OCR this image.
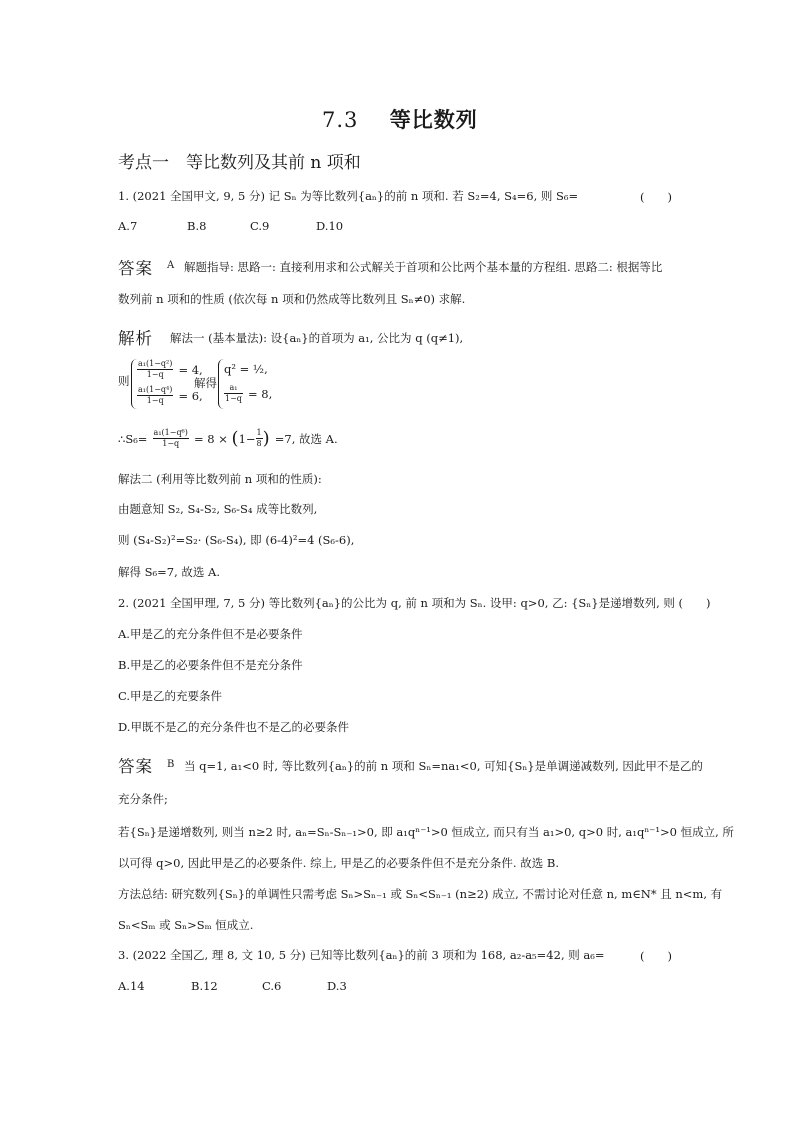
7.3 等比数列
考点一　等比数列及其前 n 项和
1. (2021 全国甲文, 9, 5 分) 记 Sₙ 为等比数列{aₙ}的前 n 项和. 若 S₂=4, S₄=6, 则 S₆=	(　　)
A.7	B.8	C.9	D.10
答案 A 解题指导: 思路一: 直接利用求和公式解关于首项和公比两个基本量的方程组. 思路二: 根据等比
数列前 n 项和的性质 (依次每 n 项和仍然成等比数列且 Sₙ≠0) 求解.
解析 解法一 (基本量法): 设{aₙ}的首项为 a₁, 公比为 q (q≠1),
则
$\frac{\text{a₁(1−q²)}}{1-q} = 4$,
$\frac{\text{a₁(1−q⁴)}}{1-q} = 6$,
解得
q² = ½,
$\frac{\text{a₁}}{1-q} = 8$,
∴S₆= $\frac{\text{a₁(1−q⁶)}}{1-q} = 8 \times (1- \frac{1}{8}$ ) =7, 故选 A.
解法二 (利用等比数列前 n 项和的性质):
由题意知 S₂, S₄-S₂, S₆-S₄ 成等比数列,
则 (S₄-S₂)²=S₂· (S₆-S₄), 即 (6-4)²=4 (S₆-6),
解得 S₆=7, 故选 A.
2. (2021 全国甲理, 7, 5 分) 等比数列{aₙ}的公比为 q, 前 n 项和为 Sₙ. 设甲: q>0, 乙: {Sₙ}是递增数列, 则 (　　)
A.甲是乙的充分条件但不是必要条件
B.甲是乙的必要条件但不是充分条件
C.甲是乙的充要条件
D.甲既不是乙的充分条件也不是乙的必要条件
答案 B 当 q=1, a₁<0 时, 等比数列{aₙ}的前 n 项和 Sₙ=na₁<0, 可知{Sₙ}是单调递减数列, 因此甲不是乙的
充分条件;
若{Sₙ}是递增数列, 则当 n≥2 时, aₙ=Sₙ-Sₙ₋₁>0, 即 a₁qⁿ⁻¹>0 恒成立, 而只有当 a₁>0, q>0 时, a₁qⁿ⁻¹>0 恒成立, 所
以可得 q>0, 因此甲是乙的必要条件. 综上, 甲是乙的必要条件但不是充分条件. 故选 B.
方法总结: 研究数列{Sₙ}的单调性只需考虑 Sₙ>Sₙ₋₁ 或 Sₙ<Sₙ₋₁ (n≥2) 成立, 不需讨论对任意 n, m∈N* 且 n<m, 有
Sₙ<Sₘ 或 Sₙ>Sₘ 恒成立.
3. (2022 全国乙, 理 8, 文 10, 5 分) 已知等比数列{aₙ}的前 3 项和为 168, a₂-a₅=42, 则 a₆=	(　　)
A.14	B.12	C.6	D.3
